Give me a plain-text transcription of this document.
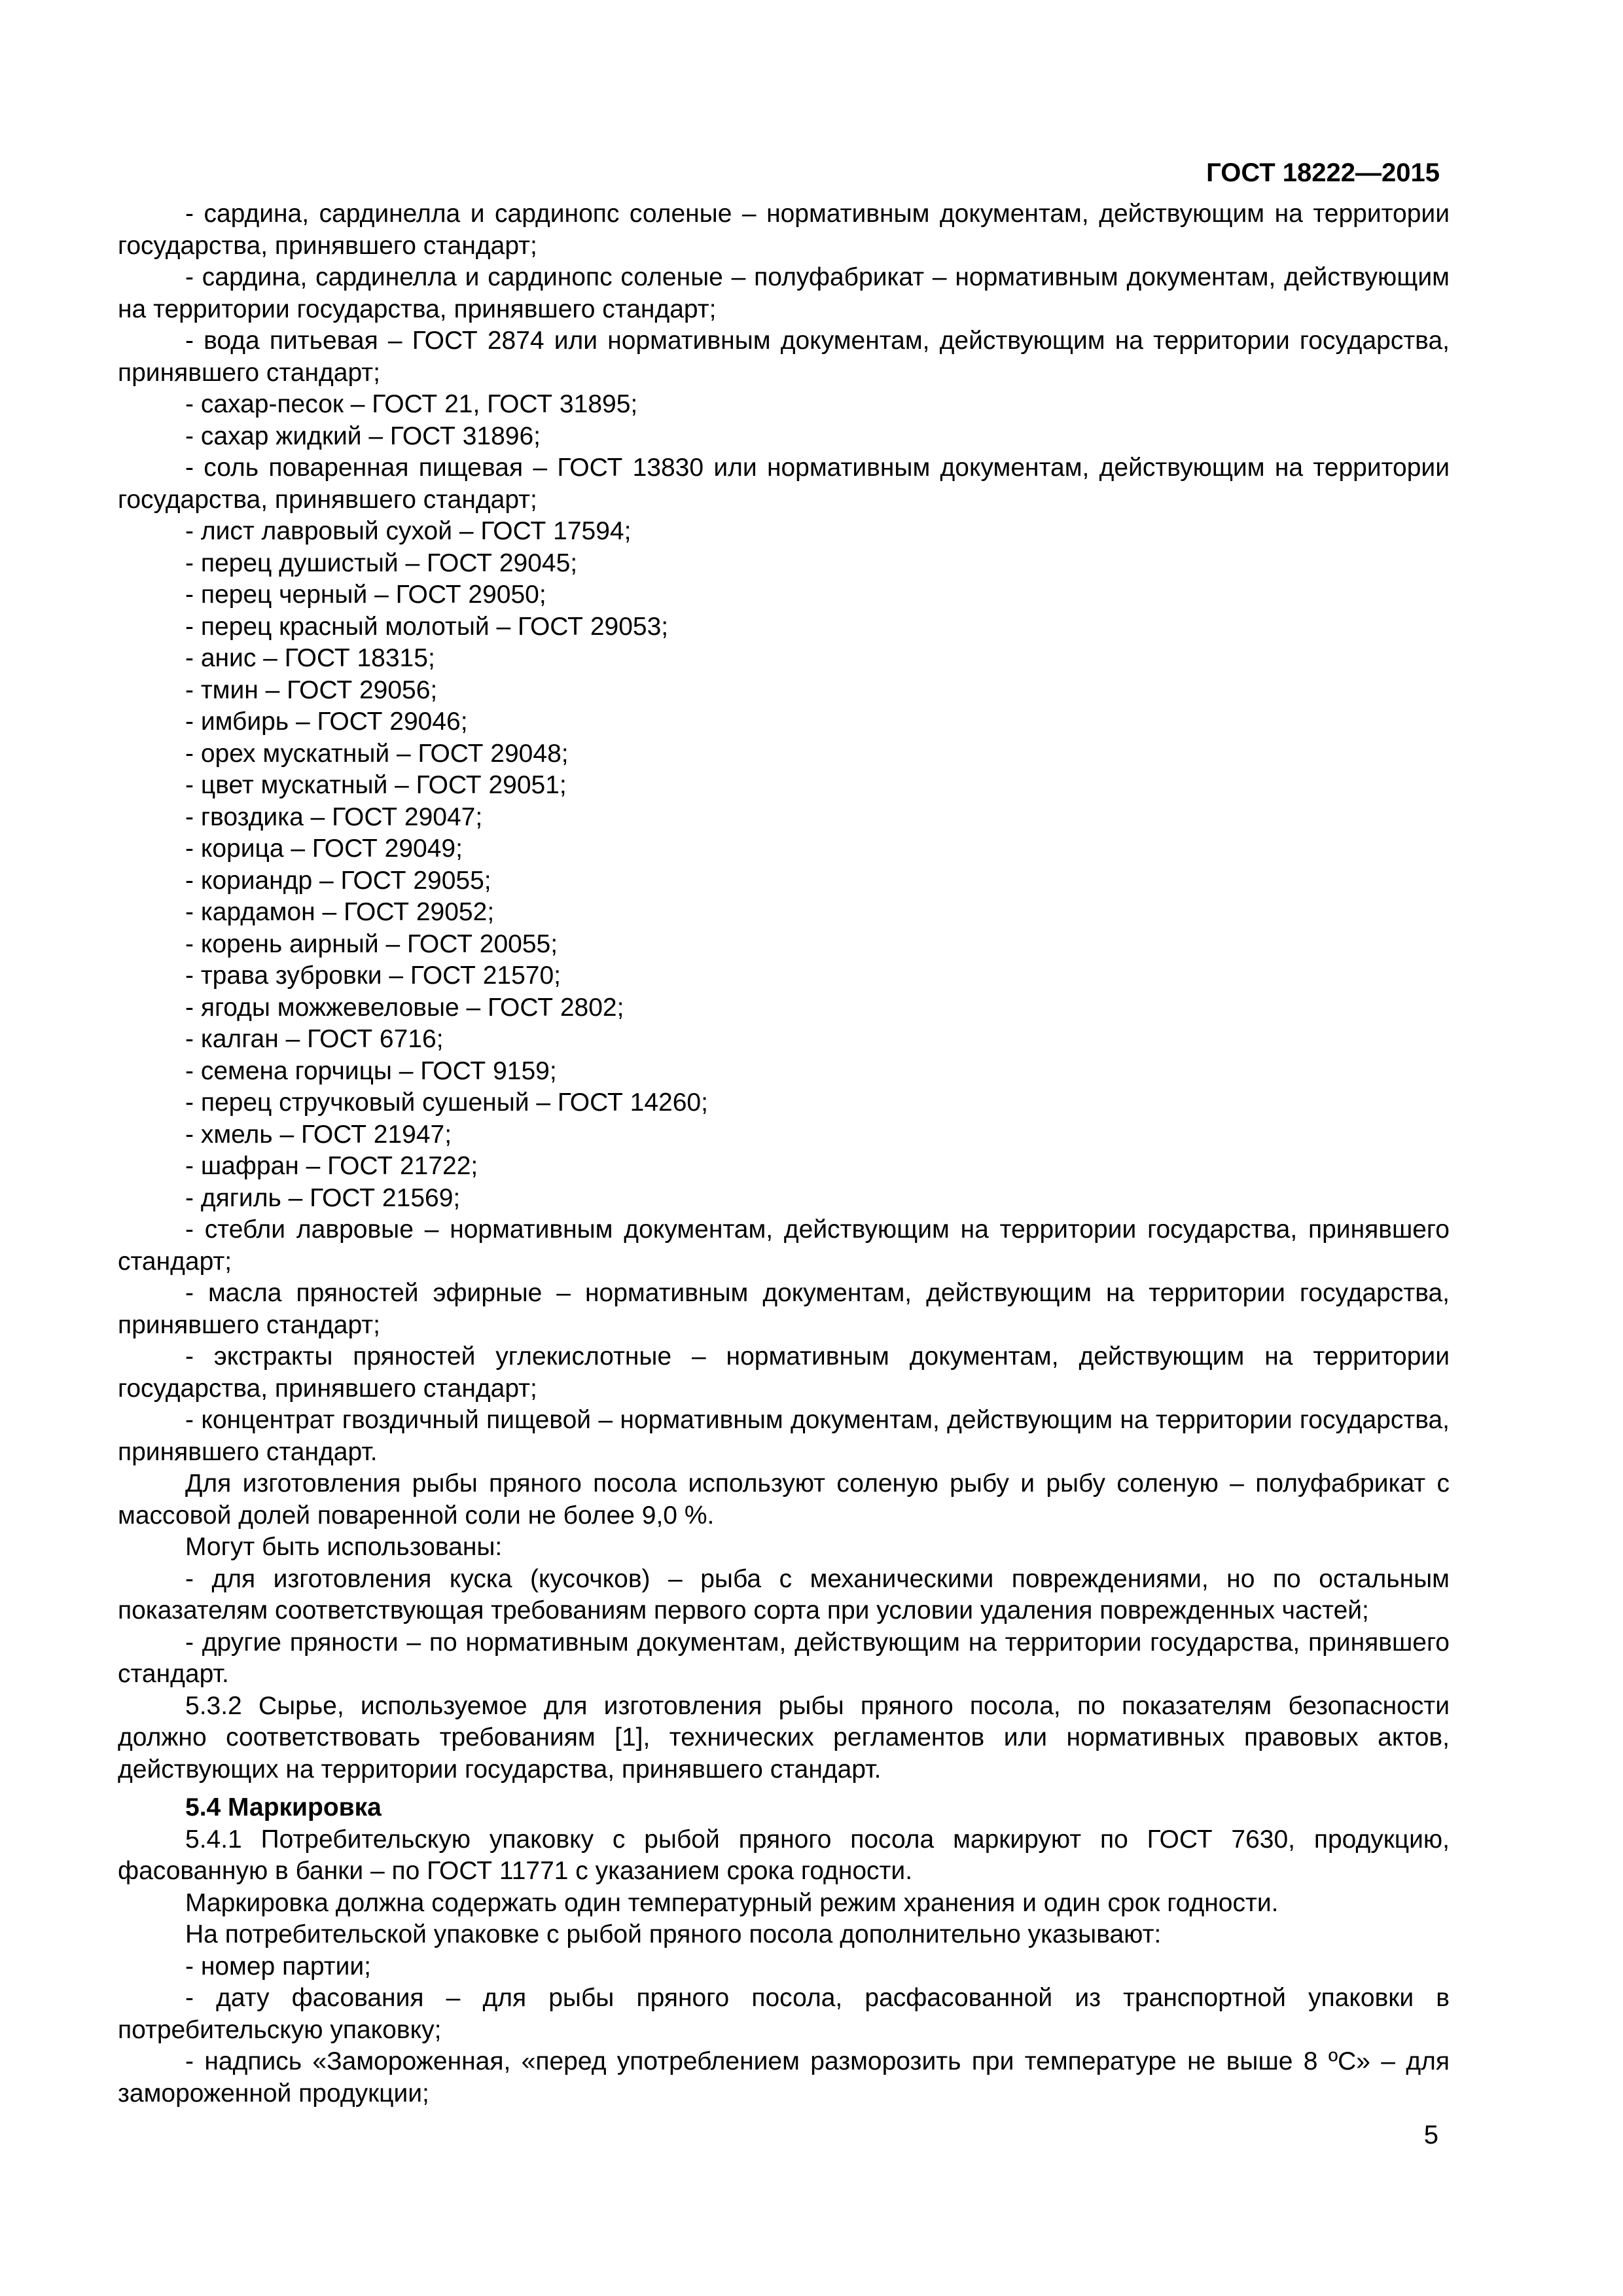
ГОСТ 18222—2015

- сардина, сардинелла и сардинопс соленые – нормативным документам, действующим на территории государства, принявшего стандарт;

- сардина, сардинелла и сардинопс соленые – полуфабрикат – нормативным документам, действующим на территории государства, принявшего стандарт;

- вода питьевая – ГОСТ 2874 или нормативным документам, действующим на территории государства, принявшего стандарт;

- сахар-песок – ГОСТ 21, ГОСТ 31895;

- сахар жидкий – ГОСТ 31896;

- соль поваренная пищевая – ГОСТ 13830 или нормативным документам, действующим на территории государства, принявшего стандарт;

- лист лавровый сухой – ГОСТ 17594;

- перец душистый – ГОСТ 29045;

- перец черный – ГОСТ 29050;

- перец красный молотый – ГОСТ 29053;

- анис – ГОСТ 18315;

- тмин – ГОСТ 29056;

- имбирь – ГОСТ 29046;

- орех мускатный – ГОСТ 29048;

- цвет мускатный – ГОСТ 29051;

- гвоздика – ГОСТ 29047;

- корица – ГОСТ 29049;

- кориандр – ГОСТ 29055;

- кардамон – ГОСТ 29052;

- корень аирный – ГОСТ 20055;

- трава зубровки – ГОСТ 21570;

- ягоды можжевеловые – ГОСТ 2802;

- калган – ГОСТ 6716;

- семена горчицы – ГОСТ 9159;

- перец стручковый сушеный – ГОСТ 14260;

- хмель – ГОСТ 21947;

- шафран – ГОСТ 21722;

- дягиль – ГОСТ 21569;

- стебли лавровые – нормативным документам, действующим на территории государства, принявшего стандарт;

- масла пряностей эфирные – нормативным документам, действующим на территории государства, принявшего стандарт;

- экстракты пряностей углекислотные – нормативным документам, действующим на территории государства, принявшего стандарт;

- концентрат гвоздичный пищевой – нормативным документам, действующим на территории государства, принявшего стандарт.

Для изготовления рыбы пряного посола используют соленую рыбу и рыбу соленую – полуфабрикат с массовой долей поваренной соли не более 9,0 %.

Могут быть использованы:

- для изготовления куска (кусочков) – рыба с механическими повреждениями, но по остальным показателям соответствующая требованиям первого сорта при условии удаления поврежденных частей;

- другие пряности – по нормативным документам, действующим на территории государства, принявшего стандарт.

5.3.2 Сырье, используемое для изготовления рыбы пряного посола, по показателям безопасности должно соответствовать требованиям [1], технических регламентов или нормативных правовых актов, действующих на территории государства, принявшего стандарт.

5.4 Маркировка

5.4.1 Потребительскую упаковку с рыбой пряного посола маркируют по ГОСТ 7630, продукцию, фасованную в банки – по ГОСТ 11771 с указанием срока годности.

Маркировка должна содержать один температурный режим хранения и один срок годности.

На потребительской упаковке с рыбой пряного посола дополнительно указывают:

- номер партии;

- дату фасования – для рыбы пряного посола, расфасованной из транспортной упаковки в потребительскую упаковку;

- надпись «Замороженная, «перед употреблением разморозить при температуре не выше 8 ºС» – для замороженной продукции;

5
